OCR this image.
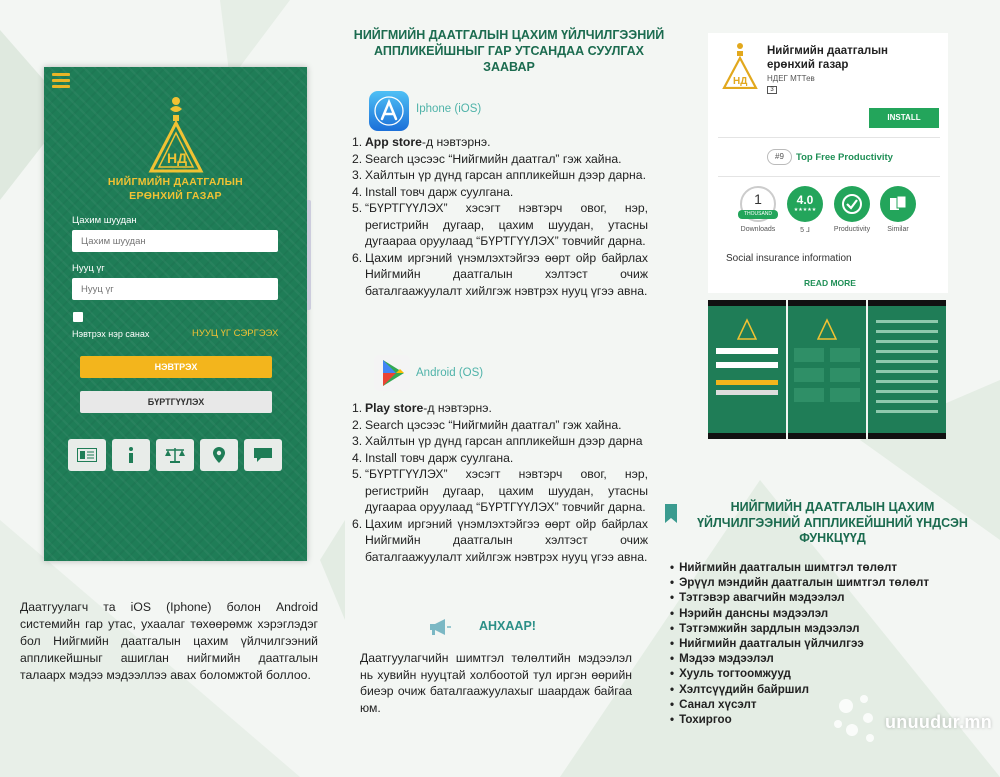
НД
НИЙГМИЙН ДААТГАЛЫН
ЕРӨНХИЙ ГАЗАР
Цахим шуудан
Цахим шуудан
Нууц үг
Нууц үг
Нэвтрэх нэр санах	НУУЦ ҮГ СЭРГЭЭХ
НЭВТРЭХ
БҮРТГҮҮЛЭХ
Даатгуулагч та iOS (Iphone) болон Android системийн гар утас, ухаалаг төхөөрөмж хэрэглэдэг бол Нийгмийн даатгалын цахим үйлчилгээний аппликейшныг ашиглан нийгмийн даатгалын талаарх мэдээ мэдээллээ авах боломжтой боллоо.
НИЙГМИЙН ДААТГАЛЫН ЦАХИМ ҮЙЛЧИЛГЭЭНИЙ АППЛИКЕЙШНЫГ ГАР УТСАНДАА СУУЛГАХ ЗААВАР
Iphone (iOS)
1. App store-д нэвтэрнэ.
2. Search цэсээс “Нийгмийн даатгал” гэж хайна.
3. Хайлтын үр дүнд гарсан аппликейшн дээр дарна.
4. Install товч дарж суулгана.
5. “БҮРТГҮҮЛЭХ” хэсэгт нэвтэрч овог, нэр, регистрийн дугаар, цахим шуудан, утасны дугаараа оруулаад “БҮРТГҮҮЛЭХ” товчийг дарна.
6. Цахим иргэний үнэмлэхтэйгээ өөрт ойр байрлах Нийгмийн даатгалын хэлтэст очиж баталгаажуулалт хийлгэж нэвтрэх нууц үгээ авна.
Android (OS)
1. Play store-д нэвтэрнэ.
2. Search цэсээс “Нийгмийн даатгал” гэж хайна.
3. Хайлтын үр дүнд гарсан аппликейшн дээр дарна
4. Install товч дарж суулгана.
5. “БҮРТГҮҮЛЭХ” хэсэгт нэвтэрч овог, нэр, регистрийн дугаар, цахим шуудан, утасны дугаараа оруулаад “БҮРТГҮҮЛЭХ” товчийг дарна.
6. Цахим иргэний үнэмлэхтэйгээ өөрт ойр байрлах Нийгмийн даатгалын хэлтэст очиж баталгаажуулалт хийлгэж нэвтрэх нууц үгээ авна.
АНХААР!
Даатгуулагчийн шимтгэл төлөлтийн мэдээлэл нь хувийн нууцтай холбоотой тул иргэн өөрийн биеэр очиж баталгаажуулахыг шаардаж байгаа юм.
НД
Нийгмийн даатгалын ерөнхий газар
НДЕГ МТТев
3
INSTALL
#9	Top Free Productivity
1
THOUSAND
Downloads
4.0
★★★★★
5 ⅃	Productivity	Similar
Social insurance information
READ MORE
НИЙГМИЙН ДААТГАЛЫН ЦАХИМ ҮЙЛЧИЛГЭЭНИЙ АППЛИКЕЙШНИЙ ҮНДСЭН ФУНКЦҮҮД
• Нийгмийн даатгалын шимтгэл төлөлт
• Эрүүл мэндийн даатгалын шимтгэл төлөлт
• Тэтгэвэр авагчийн мэдээлэл
• Нэрийн дансны мэдээлэл
• Тэтгэмжийн зардлын мэдээлэл
• Нийгмийн даатгалын үйлчилгээ
• Мэдээ мэдээлэл
• Хууль тогтоомжууд
• Хэлтсүүдийн байршил
• Санал хүсэлт
• Тохиргоо	unuudur.mn
